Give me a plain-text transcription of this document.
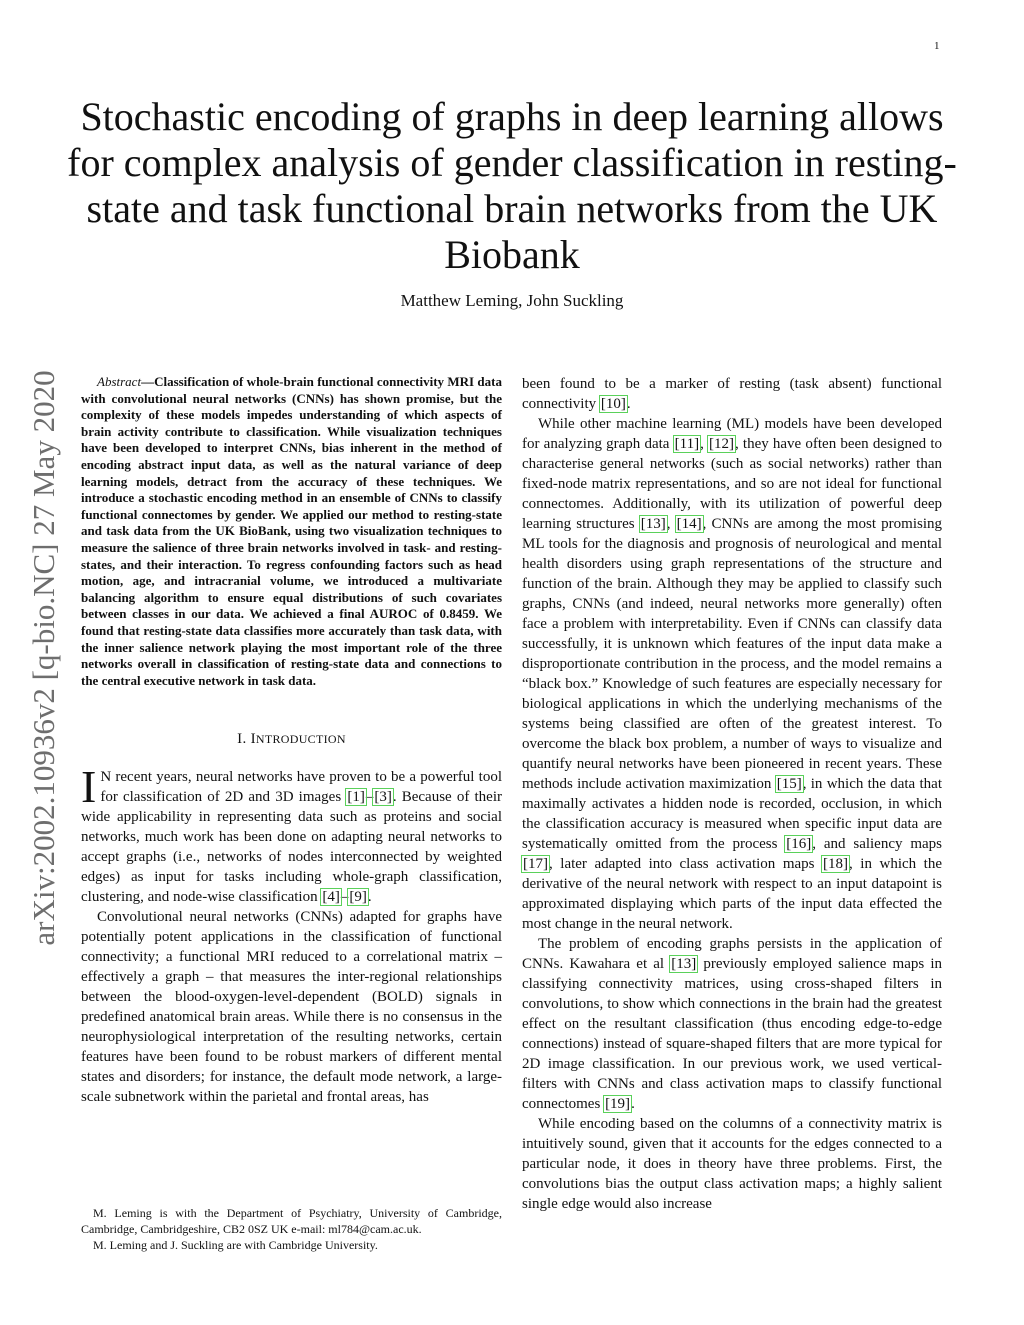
1
Stochastic encoding of graphs in deep learning allows for complex analysis of gender classification in resting-state and task functional brain networks from the UK Biobank
Matthew Leming, John Suckling
arXiv:2002.10936v2 [q-bio.NC] 27 May 2020	Abstract—Classification of whole-brain functional connectivity MRI data with convolutional neural networks (CNNs) has shown promise, but the complexity of these models impedes understanding of which aspects of brain activity contribute to classification. While visualization techniques have been developed to interpret CNNs, bias inherent in the method of encoding abstract input data, as well as the natural variance of deep learning models, detract from the accuracy of these techniques. We introduce a stochastic encoding method in an ensemble of CNNs to classify functional connectomes by gender. We applied our method to resting-state and task data from the UK BioBank, using two visualization techniques to measure the salience of three brain networks involved in task- and resting-states, and their interaction. To regress confounding factors such as head motion, age, and intracranial volume, we introduced a multivariate balancing algorithm to ensure equal distributions of such covariates between classes in our data. We achieved a final AUROC of 0.8459. We found that resting-state data classifies more accurately than task data, with the inner salience network playing the most important role of the three networks overall in classification of resting-state data and connections to the central executive network in task data.

I. INTRODUCTION

I N recent years, neural networks have proven to be a powerful tool for classification of 2D and 3D images [1]–[3]. Because of their wide applicability in representing data such as proteins and social networks, much work has been done on adapting neural networks to accept graphs (i.e., networks of nodes interconnected by weighted edges) as input for tasks including whole-graph classification, clustering, and node-wise classification [4]–[9].

Convolutional neural networks (CNNs) adapted for graphs have potentially potent applications in the classification of functional connectivity; a functional MRI reduced to a correlational matrix – effectively a graph – that measures the inter-regional relationships between the blood-oxygen-level-dependent (BOLD) signals in predefined anatomical brain areas. While there is no consensus in the neurophysiological interpretation of the resulting networks, certain features have been found to be robust markers of different mental states and disorders; for instance, the default mode network, a large-scale subnetwork within the parietal and frontal areas, has

M. Leming is with the Department of Psychiatry, University of Cambridge, Cambridge, Cambridgeshire, CB2 0SZ UK e-mail: ml784@cam.ac.uk.

M. Leming and J. Suckling are with Cambridge University.

been found to be a marker of resting (task absent) functional connectivity [10].

While other machine learning (ML) models have been developed for analyzing graph data [11], [12], they have often been designed to characterise general networks (such as social networks) rather than fixed-node matrix representations, and so are not ideal for functional connectomes. Additionally, with its utilization of powerful deep learning structures [13], [14], CNNs are among the most promising ML tools for the diagnosis and prognosis of neurological and mental health disorders using graph representations of the structure and function of the brain. Although they may be applied to classify such graphs, CNNs (and indeed, neural networks more generally) often face a problem with interpretability. Even if CNNs can classify data successfully, it is unknown which features of the input data make a disproportionate contribution in the process, and the model remains a “black box.” Knowledge of such features are especially necessary for biological applications in which the underlying mechanisms of the systems being classified are often of the greatest interest. To overcome the black box problem, a number of ways to visualize and quantify neural networks have been pioneered in recent years. These methods include activation maximization [15], in which the data that maximally activates a hidden node is recorded, occlusion, in which the classification accuracy is measured when specific input data are systematically omitted from the process [16], and saliency maps [17], later adapted into class activation maps [18], in which the derivative of the neural network with respect to an input datapoint is approximated displaying which parts of the input data effected the most change in the neural network.

The problem of encoding graphs persists in the application of CNNs. Kawahara et al [13] previously employed salience maps in classifying connectivity matrices, using cross-shaped filters in convolutions, to show which connections in the brain had the greatest effect on the resultant classification (thus encoding edge-to-edge connections) instead of square-shaped filters that are more typical for 2D image classification. In our previous work, we used vertical-filters with CNNs and class activation maps to classify functional connectomes [19].

While encoding based on the columns of a connectivity matrix is intuitively sound, given that it accounts for the edges connected to a particular node, it does in theory have three problems. First, the convolutions bias the output class activation maps; a highly salient single edge would also increase
